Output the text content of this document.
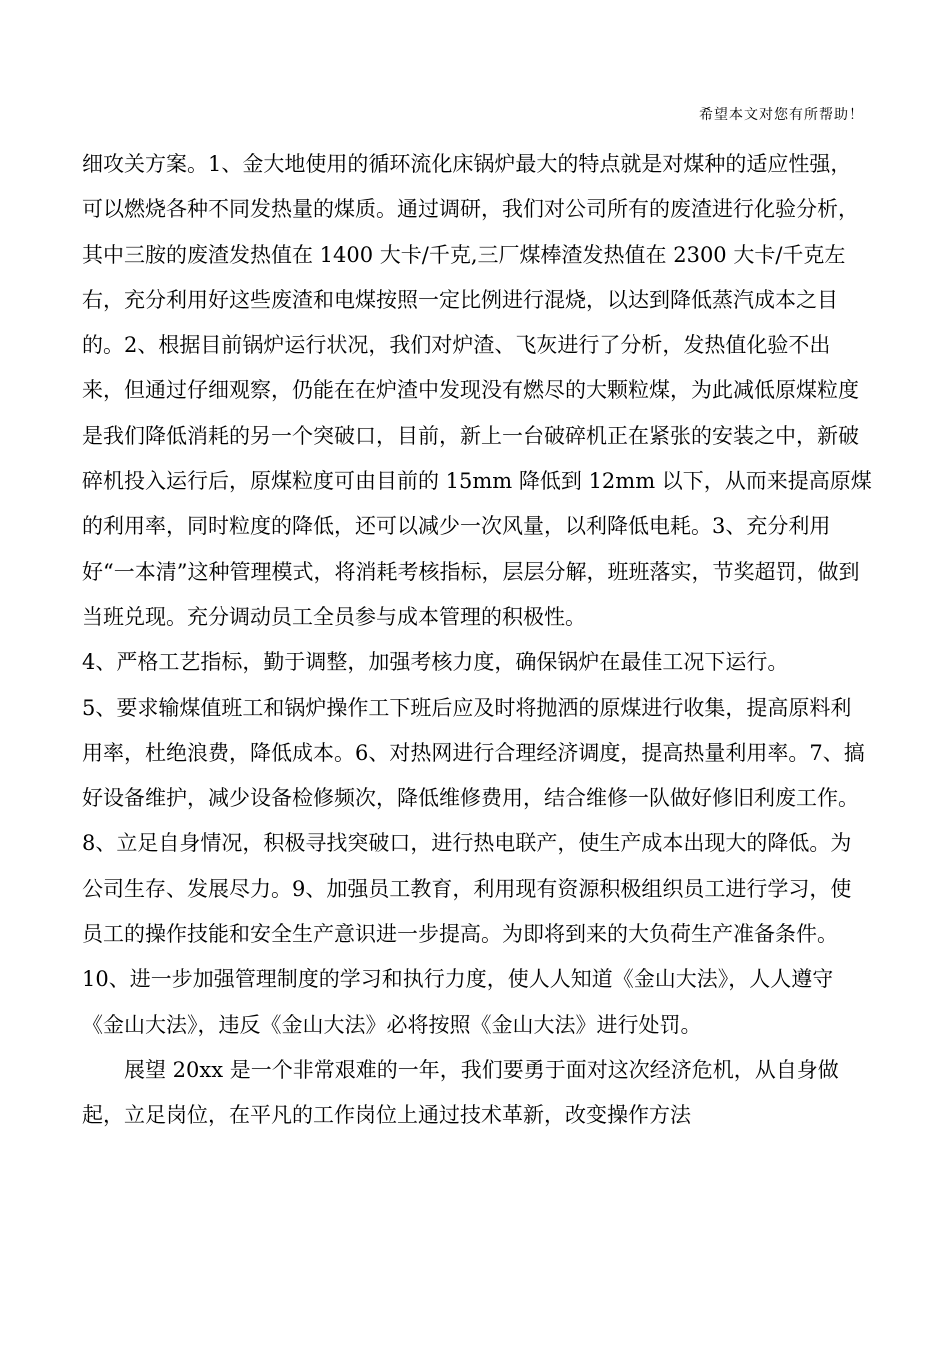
希望本文对您有所帮助！

细攻关方案。1、金大地使用的循环流化床锅炉最大的特点就是对煤种的适应性强，可以燃烧各种不同发热量的煤质。通过调研，我们对公司所有的废渣进行化验分析，其中三胺的废渣发热值在 1400 大卡/千克,三厂煤棒渣发热值在 2300 大卡/千克左右，充分利用好这些废渣和电煤按照一定比例进行混烧，以达到降低蒸汽成本之目的。2、根据目前锅炉运行状况，我们对炉渣、飞灰进行了分析，发热值化验不出来，但通过仔细观察，仍能在在炉渣中发现没有燃尽的大颗粒煤，为此减低原煤粒度是我们降低消耗的另一个突破口，目前，新上一台破碎机正在紧张的安装之中，新破碎机投入运行后，原煤粒度可由目前的 15mm 降低到 12mm 以下，从而来提高原煤的利用率，同时粒度的降低，还可以减少一次风量，以利降低电耗。3、充分利用好“一本清”这种管理模式，将消耗考核指标，层层分解，班班落实，节奖超罚，做到当班兑现。充分调动员工全员参与成本管理的积极性。

4、严格工艺指标，勤于调整，加强考核力度，确保锅炉在最佳工况下运行。

5、要求输煤值班工和锅炉操作工下班后应及时将抛洒的原煤进行收集，提高原料利用率，杜绝浪费，降低成本。6、对热网进行合理经济调度，提高热量利用率。7、搞好设备维护，减少设备检修频次，降低维修费用，结合维修一队做好修旧利废工作。8、立足自身情况，积极寻找突破口，进行热电联产，使生产成本出现大的降低。为公司生存、发展尽力。9、加强员工教育，利用现有资源积极组织员工进行学习，使员工的操作技能和安全生产意识进一步提高。为即将到来的大负荷生产准备条件。10、进一步加强管理制度的学习和执行力度，使人人知道《金山大法》，人人遵守《金山大法》，违反《金山大法》必将按照《金山大法》进行处罚。

展望 20xx 是一个非常艰难的一年，我们要勇于面对这次经济危机，从自身做起，立足岗位，在平凡的工作岗位上通过技术革新，改变操作方法
